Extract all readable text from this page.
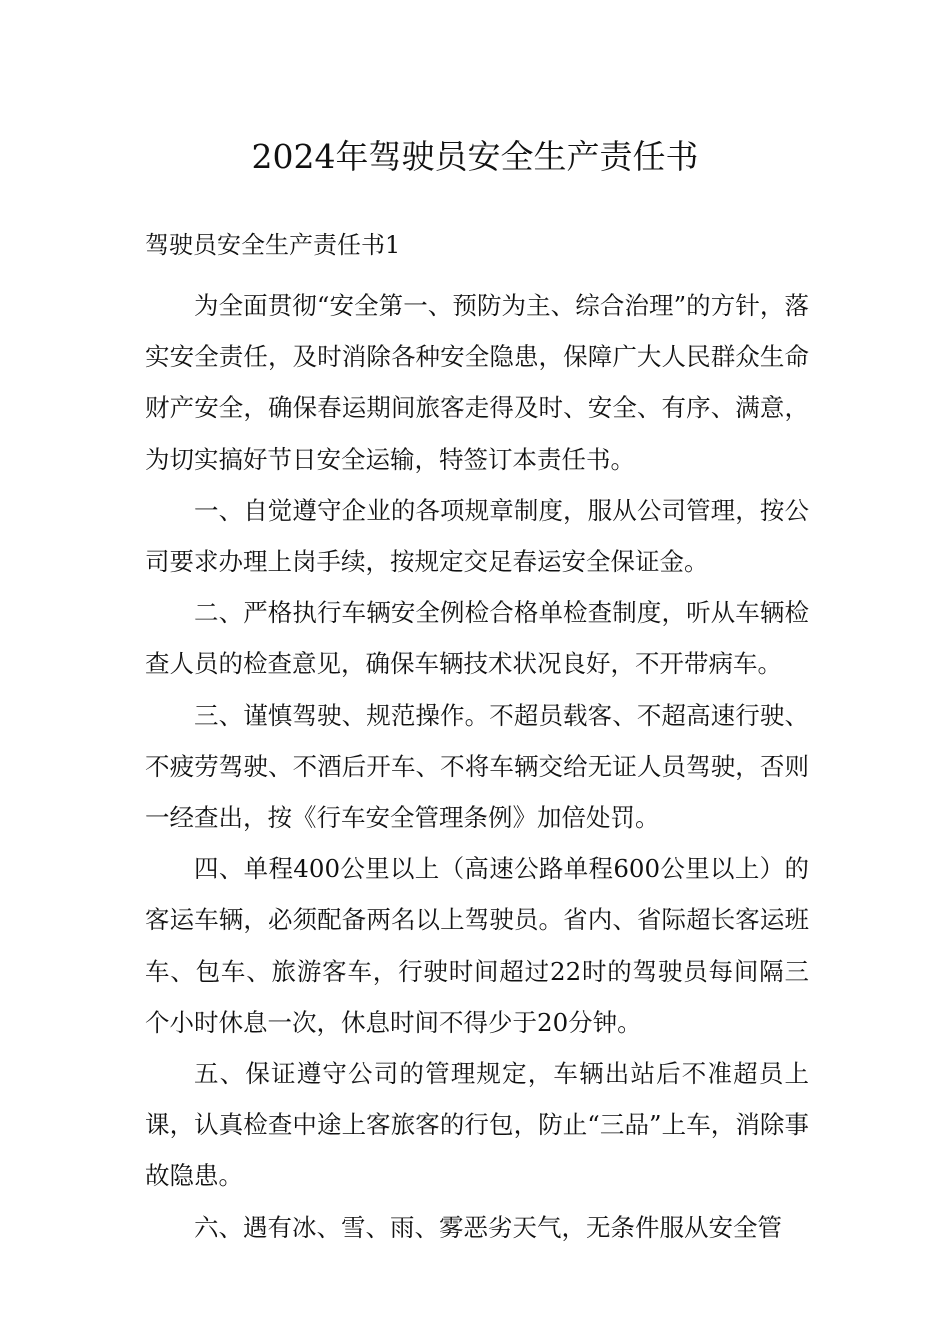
2024年驾驶员安全生产责任书
驾驶员安全生产责任书1

为全面贯彻“安全第一、预防为主、综合治理”的方针，落实安全责任，及时消除各种安全隐患，保障广大人民群众生命财产安全，确保春运期间旅客走得及时、安全、有序、满意，为切实搞好节日安全运输，特签订本责任书。

一、自觉遵守企业的各项规章制度，服从公司管理，按公司要求办理上岗手续，按规定交足春运安全保证金。

二、严格执行车辆安全例检合格单检查制度，听从车辆检查人员的检查意见，确保车辆技术状况良好，不开带病车。

三、谨慎驾驶、规范操作。不超员载客、不超高速行驶、不疲劳驾驶、不酒后开车、不将车辆交给无证人员驾驶，否则一经查出，按《行车安全管理条例》加倍处罚。

四、单程400公里以上（高速公路单程600公里以上）的客运车辆，必须配备两名以上驾驶员。省内、省际超长客运班车、包车、旅游客车，行驶时间超过22时的驾驶员每间隔三个小时休息一次，休息时间不得少于20分钟。

五、保证遵守公司的管理规定，车辆出站后不准超员上课，认真检查中途上客旅客的行包，防止“三品”上车，消除事故隐患。

六、遇有冰、雪、雨、雾恶劣天气，无条件服从安全管
